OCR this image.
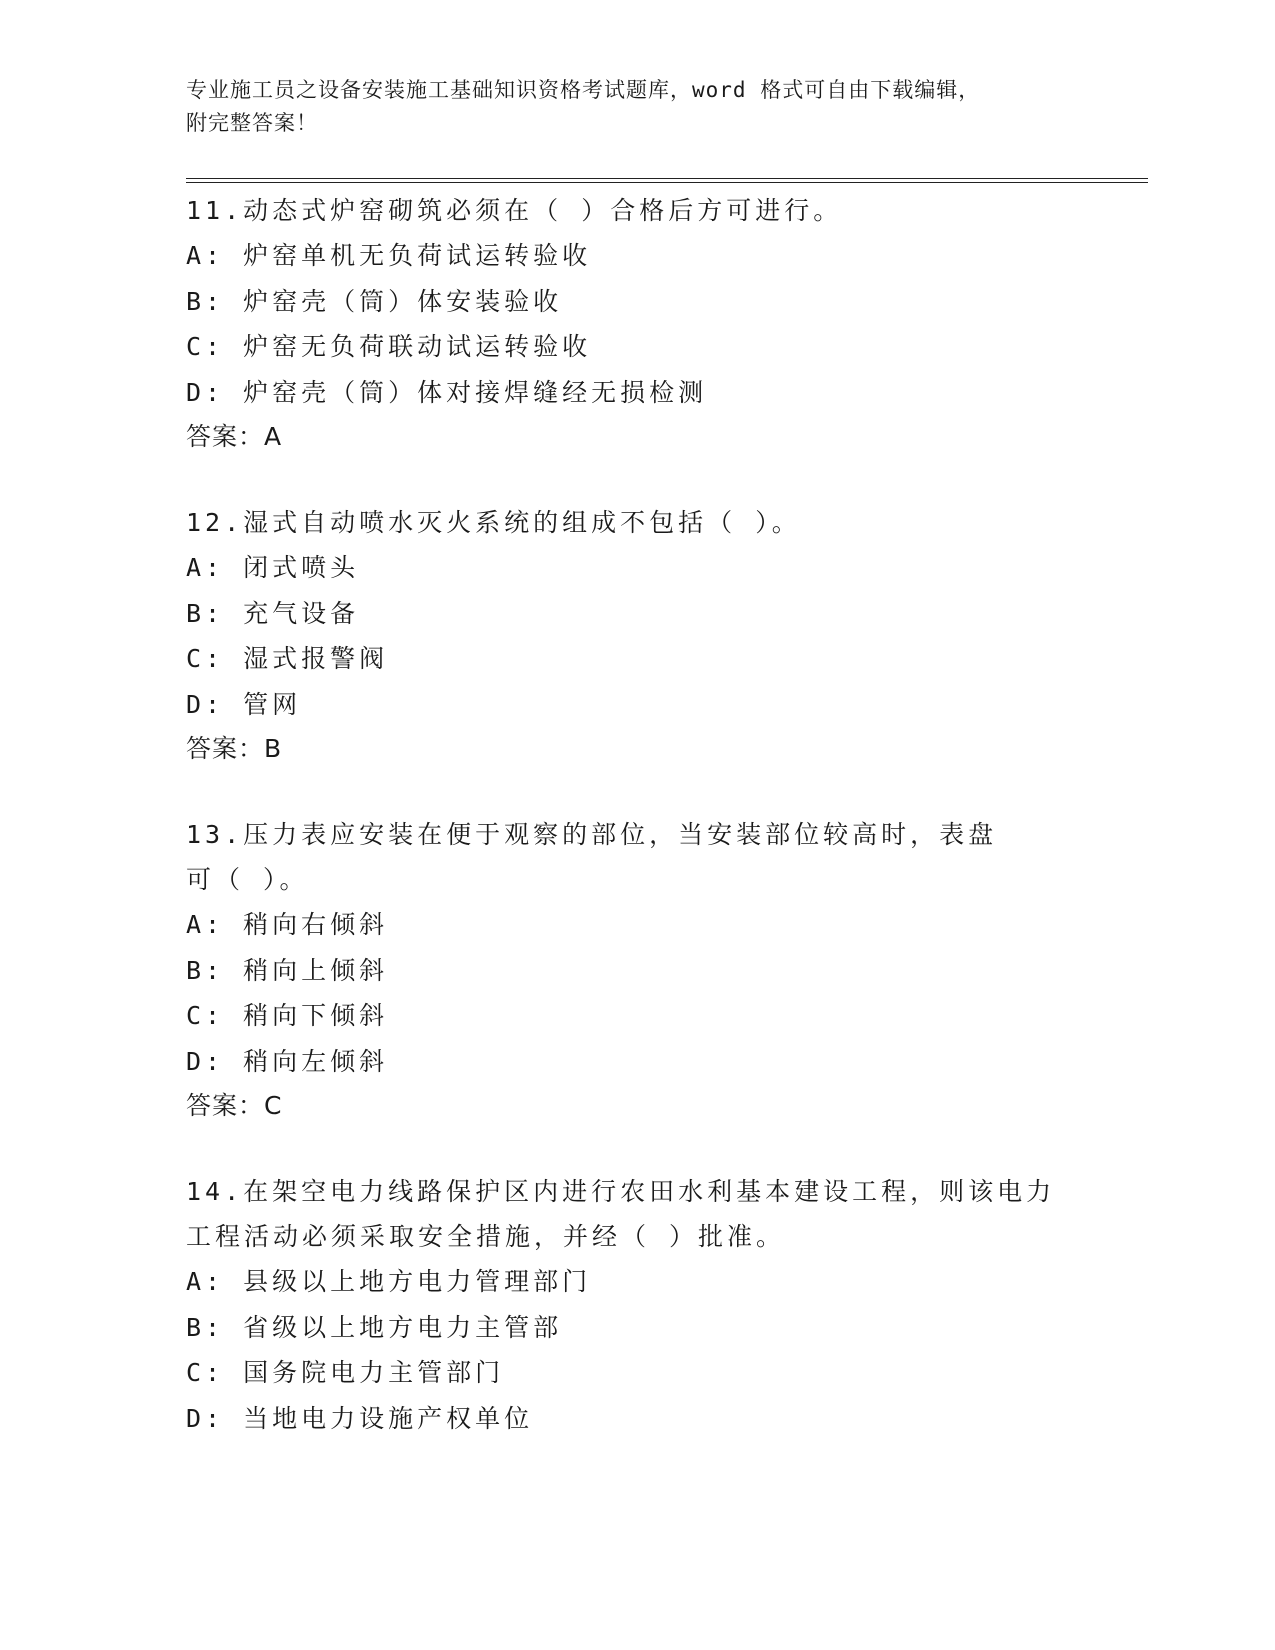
专业施工员之设备安装施工基础知识资格考试题库，word 格式可自由下载编辑，
附完整答案！
11.动态式炉窑砌筑必须在（ ）合格后方可进行。
A: 炉窑单机无负荷试运转验收
B: 炉窑壳（筒）体安装验收
C: 炉窑无负荷联动试运转验收
D: 炉窑壳（筒）体对接焊缝经无损检测
答案：A
12.湿式自动喷水灭火系统的组成不包括（ ）。
A: 闭式喷头
B: 充气设备
C: 湿式报警阀
D: 管网
答案：B
13.压力表应安装在便于观察的部位，当安装部位较高时，表盘可（ ）。
A: 稍向右倾斜
B: 稍向上倾斜
C: 稍向下倾斜
D: 稍向左倾斜
答案：C
14.在架空电力线路保护区内进行农田水利基本建设工程，则该电力工程活动必须采取安全措施，并经（ ）批准。
A: 县级以上地方电力管理部门
B: 省级以上地方电力主管部
C: 国务院电力主管部门
D: 当地电力设施产权单位
